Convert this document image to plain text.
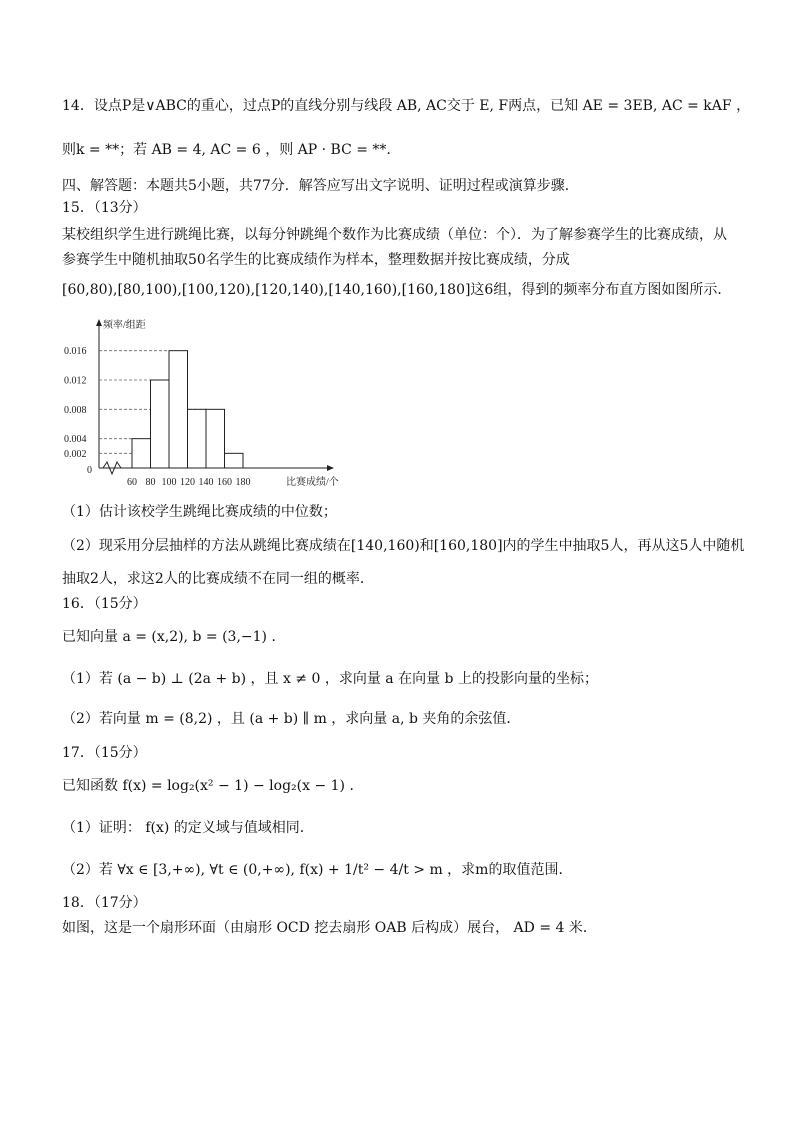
14．设点P是∨ABC的重心，过点P的直线分别与线段 AB, AC交于 E, F两点，已知 AE = 3EB, AC = kAF ，
则k = **；若 AB = 4, AC = 6 ，则 AP · BC = **.
四、解答题：本题共5小题，共77分．解答应写出文字说明、证明过程或演算步骤．
15．（13分）
某校组织学生进行跳绳比赛，以每分钟跳绳个数作为比赛成绩（单位：个）．为了解参赛学生的比赛成绩，从
参赛学生中随机抽取50名学生的比赛成绩作为样本，整理数据并按比赛成绩，分成
[60,80),[80,100),[100,120),[120,140),[140,160),[160,180]这6组，得到的频率分布直方图如图所示．
频率/组距
比赛成绩/个
0
0.002
0.004
0.008
0.012
0.016
60 80 100 120 140 160 180
（1）估计该校学生跳绳比赛成绩的中位数；
（2）现采用分层抽样的方法从跳绳比赛成绩在[140,160)和[160,180]内的学生中抽取5人，再从这5人中随机
抽取2人，求这2人的比赛成绩不在同一组的概率．
16．（15分）
已知向量 a = (x,2), b = (3,−1) ．
（1）若 (a − b) ⊥ (2a + b) ，且 x ≠ 0 ，求向量 a 在向量 b 上的投影向量的坐标；
（2）若向量 m = (8,2) ，且 (a + b) ∥ m ，求向量 a, b 夹角的余弦值．
17．（15分）
已知函数 f(x) = log₂(x² − 1) − log₂(x − 1) ．
（1）证明： f(x) 的定义域与值域相同．
（2）若 ∀x ∈ [3,+∞), ∀t ∈ (0,+∞), f(x) + 1/t² − 4/t > m ，求m的取值范围．
18．（17分）
如图，这是一个扇形环面（由扇形 OCD 挖去扇形 OAB 后构成）展台， AD = 4 米．
